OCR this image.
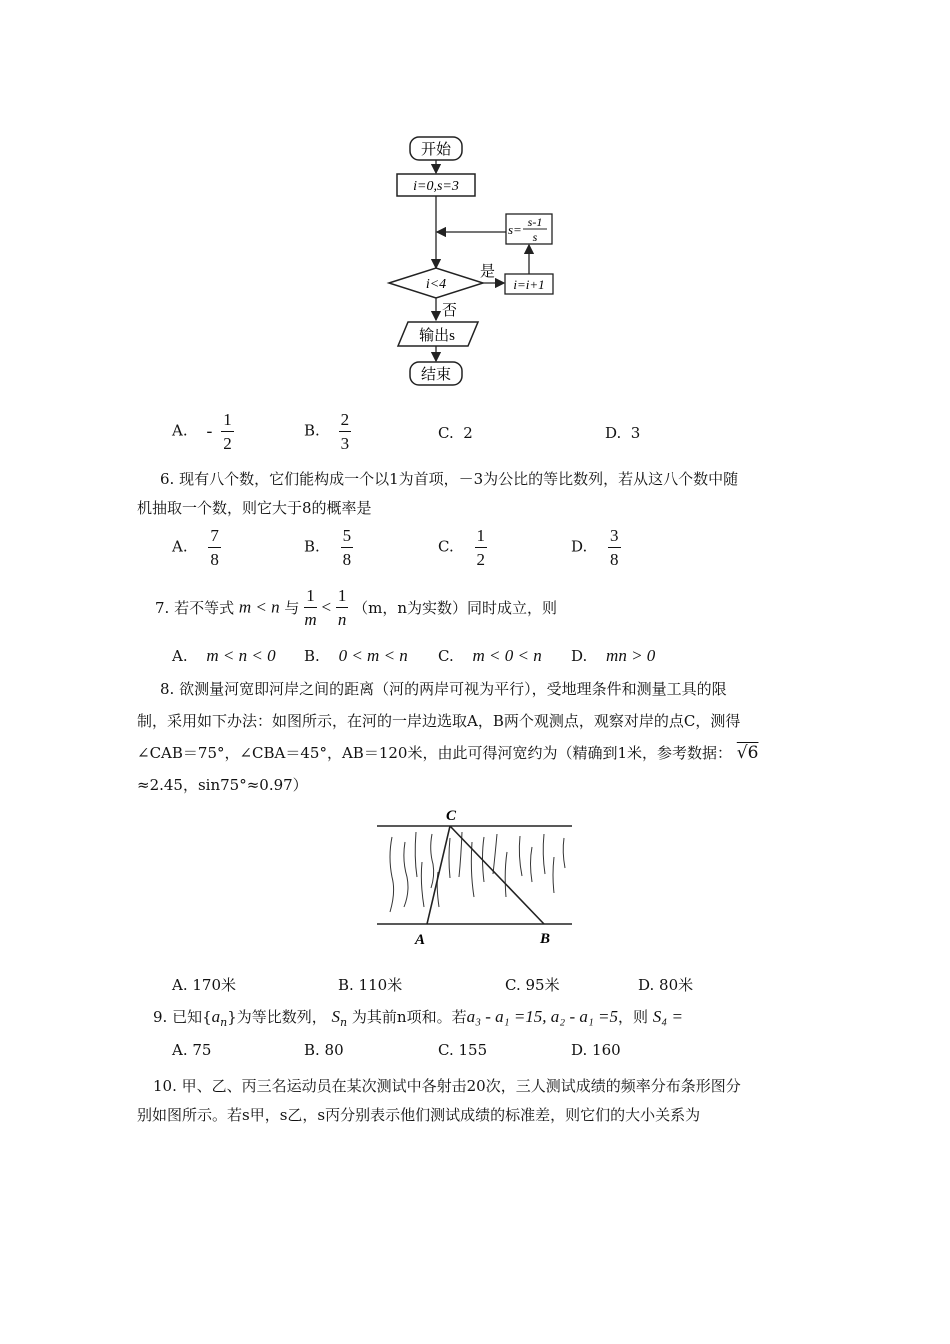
开始
i=0,s=3
s= s-1
s
i<4
是
i=i+1
否
输出s
结束
A. - $\frac{1}{2}$	B. $\frac{2}{3}$	C.  2	D.  3
6. 现有八个数，它们能构成一个以1为首项，－3为公比的等比数列，若从这八个数中随
机抽取一个数，则它大于8的概率是
A. $\frac{7}{8}$	B. $\frac{5}{8}$	C. $\frac{1}{2}$	D. $\frac{3}{8}$
7. 若不等式 m < n 与 $\frac{1}{m} < \frac{1}{n} (m$，n为实数）同时成立，则
A. m < n < 0 B. 0 < m < n C. m < 0 < n D. mn > 0
8. 欲测量河宽即河岸之间的距离（河的两岸可视为平行），受地理条件和测量工具的限
制，采用如下办法：如图所示，在河的一岸边选取A，B两个观测点，观察对岸的点C，测得
∠CAB＝75°，∠CBA＝45°，AB＝120米，由此可得河宽约为（精确到1米，参考数据： √6
≈2.45，sin75°≈0.97）
C
A	B
A. 170米	B. 110米	C. 95米	D. 80米
9. 已知$\{a_n\}$为等比数列， $S_n$ 为其前n项和。若a₃ - a₁ =15, a₂ - a₁ =5，则 S₄ =
A. 75	B. 80	C. 155	D. 160
10. 甲、乙、丙三名运动员在某次测试中各射击20次，三人测试成绩的频率分布条形图分
别如图所示。若s甲，s乙，s丙分别表示他们测试成绩的标准差，则它们的大小关系为
